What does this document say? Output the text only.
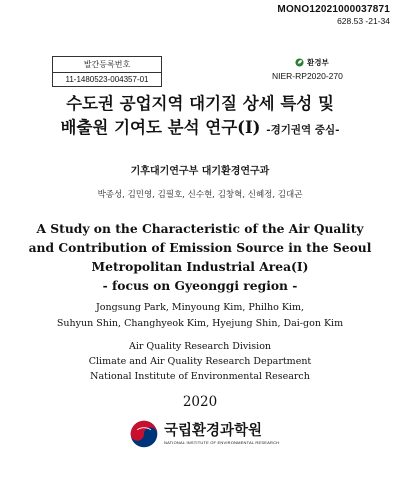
MONO12021000037871
628.53 -21-34
발간등록번호
11-1480523-004357-01
환경부
NIER-RP2020-270
수도권 공업지역 대기질 상세 특성 및
배출원 기여도 분석 연구(Ⅰ) -경기권역 중심-
기후대기연구부 대기환경연구과
박종성, 김민영, 김필호, 신수현, 김창혁, 신혜정, 김대곤
A Study on the Characteristic of the Air Quality
and Contribution of Emission Source in the Seoul
Metropolitan Industrial Area(Ⅰ)
- focus on Gyeonggi region -
Jongsung Park, Minyoung Kim, Philho Kim,
Suhyun Shin, Changhyeok Kim, Hyejung Shin, Dai-gon Kim
Air Quality Research Division
Climate and Air Quality Research Department
National Institute of Environmental Research
2020
국립환경과학원
NATIONAL INSTITUTE OF ENVIRONMENTAL RESEARCH
